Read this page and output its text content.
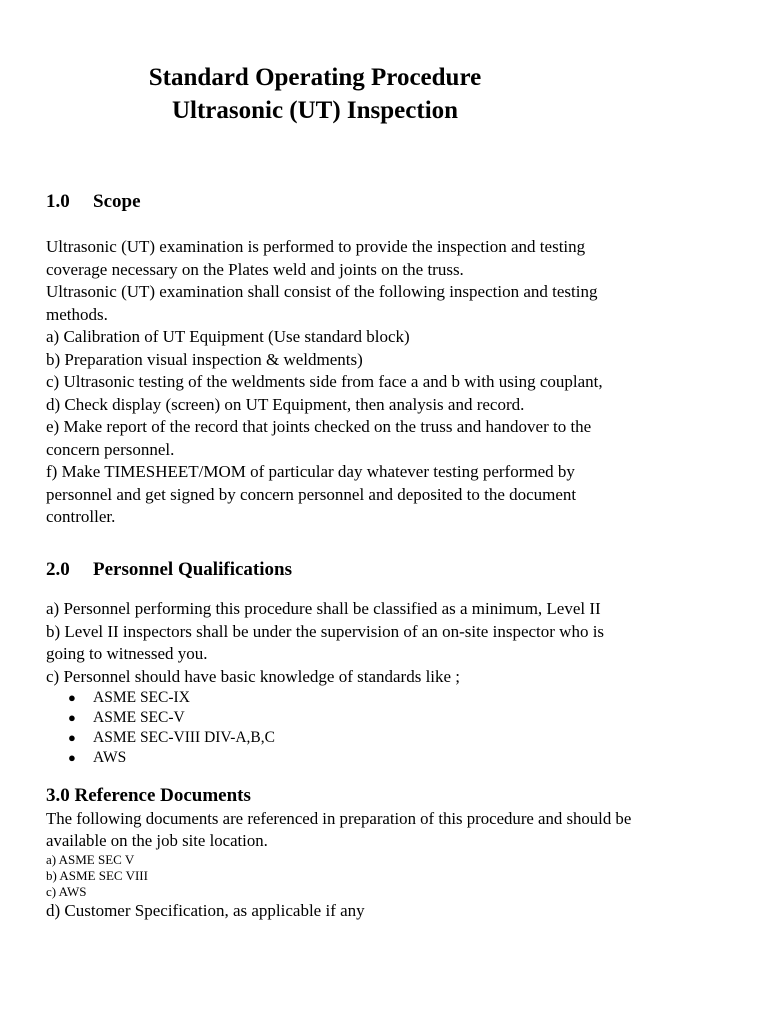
Standard Operating Procedure
Ultrasonic (UT) Inspection
1.0 Scope
Ultrasonic (UT) examination is performed to provide the inspection and testing
coverage necessary on the Plates weld and joints on the truss.
Ultrasonic (UT) examination shall consist of the following inspection and testing
methods.
a) Calibration of UT Equipment (Use standard block)
b) Preparation visual inspection & weldments)
c) Ultrasonic testing of the weldments side from face a and b with using couplant,
d) Check display (screen) on UT Equipment, then analysis and record.
e) Make report of the record that joints checked on the truss and handover to the
concern personnel.
f) Make TIMESHEET/MOM of particular day whatever testing performed by
personnel and get signed by concern personnel and deposited to the document
controller.
2.0 Personnel Qualifications
a) Personnel performing this procedure shall be classified as a minimum, Level II
b) Level II inspectors shall be under the supervision of an on-site inspector who is
going to witnessed you.
c) Personnel should have basic knowledge of standards like ;
● ASME SEC-IX
● ASME SEC-V
● ASME SEC-VIII DIV-A,B,C
● AWS
3.0 Reference Documents
The following documents are referenced in preparation of this procedure and should be
available on the job site location.
a) ASME SEC V
b) ASME SEC VIII
c) AWS
d) Customer Specification, as applicable if any
